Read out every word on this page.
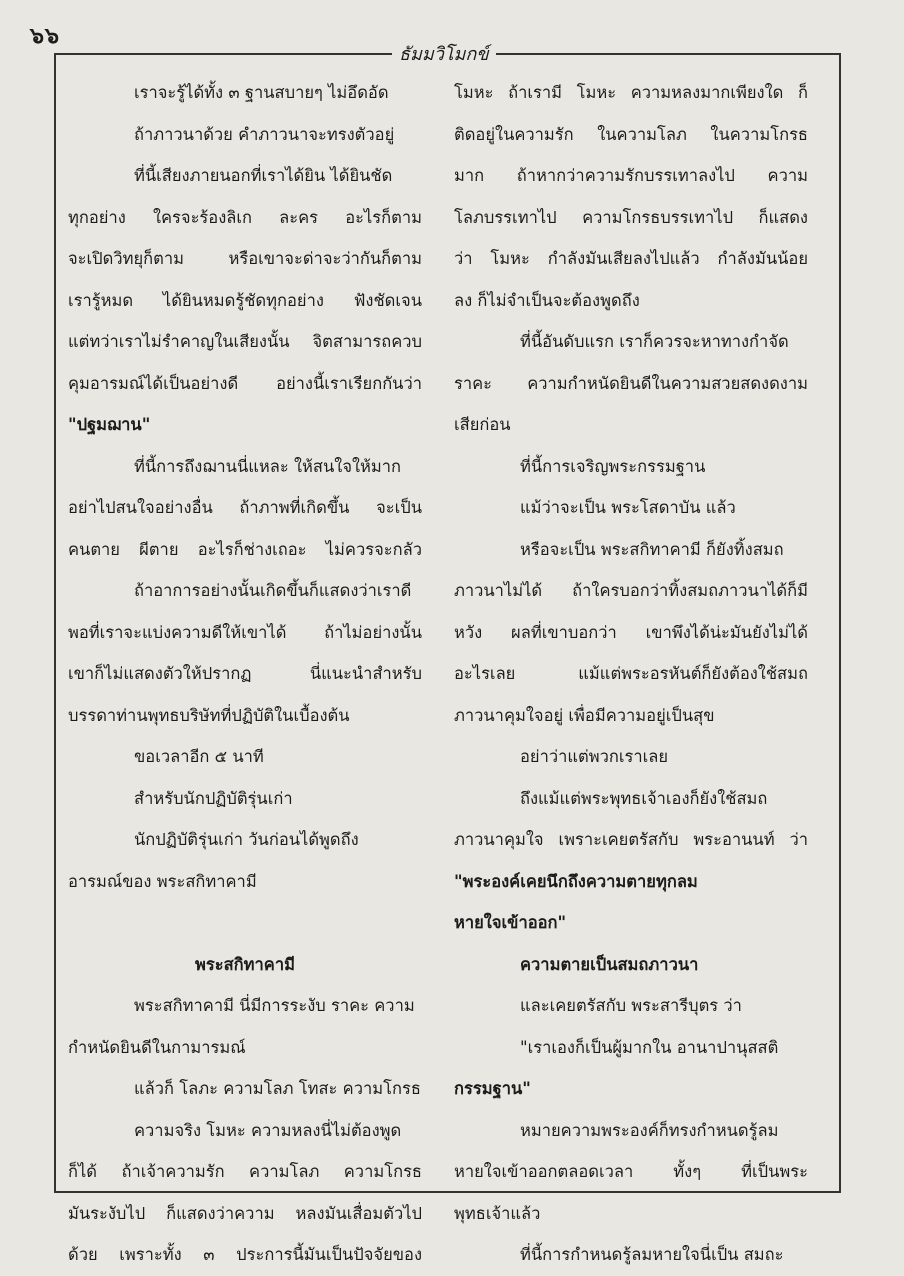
๖๖
ธัมมวิโมกข์

เราจะรู้ได้ทั้ง ๓ ฐานสบายๆ ไม่อึดอัด

ถ้าภาวนาด้วย คำภาวนาจะทรงตัวอยู่

ที่นี้เสียงภายนอกที่เราได้ยิน ได้ยินชัด

ทุกอย่าง ใครจะร้องลิเก ละคร อะไรก็ตาม

จะเปิดวิทยุก็ตาม หรือเขาจะด่าจะว่ากันก็ตาม

เรารู้หมด ได้ยินหมดรู้ชัดทุกอย่าง ฟังชัดเจน

แต่ทว่าเราไม่รำคาญในเสียงนั้น จิตสามารถควบ

คุมอารมณ์ได้เป็นอย่างดี อย่างนี้เราเรียกกันว่า

"ปฐมฌาน"

ที่นี้การถึงฌานนี่แหละ ให้สนใจให้มาก

อย่าไปสนใจอย่างอื่น ถ้าภาพที่เกิดขึ้น จะเป็น

คนตาย ผีตาย อะไรก็ช่างเถอะ ไม่ควรจะกลัว

ถ้าอาการอย่างนั้นเกิดขึ้นก็แสดงว่าเราดี

พอที่เราจะแบ่งความดีให้เขาได้ ถ้าไม่อย่างนั้น

เขาก็ไม่แสดงตัวให้ปรากฏ นี่แนะนำสำหรับ

บรรดาท่านพุทธบริษัทที่ปฏิบัติในเบื้องต้น

ขอเวลาอีก ๕ นาที

สำหรับนักปฏิบัติรุ่นเก่า

นักปฏิบัติรุ่นเก่า วันก่อนได้พูดถึง

อารมณ์ของ พระสกิทาคามี

พระสกิทาคามี

พระสกิทาคามี นี่มีการระงับ ราคะ ความ

กำหนัดยินดีในกามารมณ์

แล้วก็ โลภะ ความโลภ โทสะ ความโกรธ

ความจริง โมหะ ความหลงนี่ไม่ต้องพูด

ก็ได้ ถ้าเจ้าความรัก ความโลภ ความโกรธ

มันระงับไป ก็แสดงว่าความ หลงมันเสื่อมตัวไป

ด้วย เพราะทั้ง ๓ ประการนี้มันเป็นปัจจัยของ

โมหะ ถ้าเรามี โมหะ ความหลงมากเพียงใด ก็

ติดอยู่ในความรัก ในความโลภ ในความโกรธ

มาก ถ้าหากว่าความรักบรรเทาลงไป ความ

โลภบรรเทาไป ความโกรธบรรเทาไป ก็แสดง

ว่า โมหะ กำลังมันเสียลงไปแล้ว กำลังมันน้อย

ลง ก็ไม่จำเป็นจะต้องพูดถึง

ที่นี้อันดับแรก เราก็ควรจะหาทางกำจัด

ราคะ ความกำหนัดยินดีในความสวยสดงดงาม

เสียก่อน

ที่นี้การเจริญพระกรรมฐาน

แม้ว่าจะเป็น พระโสดาบัน แล้ว

หรือจะเป็น พระสกิทาคามี ก็ยังทิ้งสมถ

ภาวนาไม่ได้ ถ้าใครบอกว่าทิ้งสมถภาวนาได้ก็มี

หวัง ผลที่เขาบอกว่า เขาพึงได้น่ะมันยังไม่ได้

อะไรเลย แม้แต่พระอรหันต์ก็ยังต้องใช้สมถ

ภาวนาคุมใจอยู่ เพื่อมีความอยู่เป็นสุข

อย่าว่าแต่พวกเราเลย

ถึงแม้แต่พระพุทธเจ้าเองก็ยังใช้สมถ

ภาวนาคุมใจ เพราะเคยตรัสกับ พระอานนท์ ว่า

"พระองค์เคยนึกถึงความตายทุกลม

หายใจเข้าออก"

ความตายเป็นสมถภาวนา

และเคยตรัสกับ พระสารีบุตร ว่า

"เราเองก็เป็นผู้มากใน อานาปานุสสติ

กรรมฐาน"

หมายความพระองค์ก็ทรงกำหนดรู้ลม

หายใจเข้าออกตลอดเวลา ทั้งๆ ที่เป็นพระ

พุทธเจ้าแล้ว

ที่นี้การกำหนดรู้ลมหายใจนี่เป็น สมถะ
